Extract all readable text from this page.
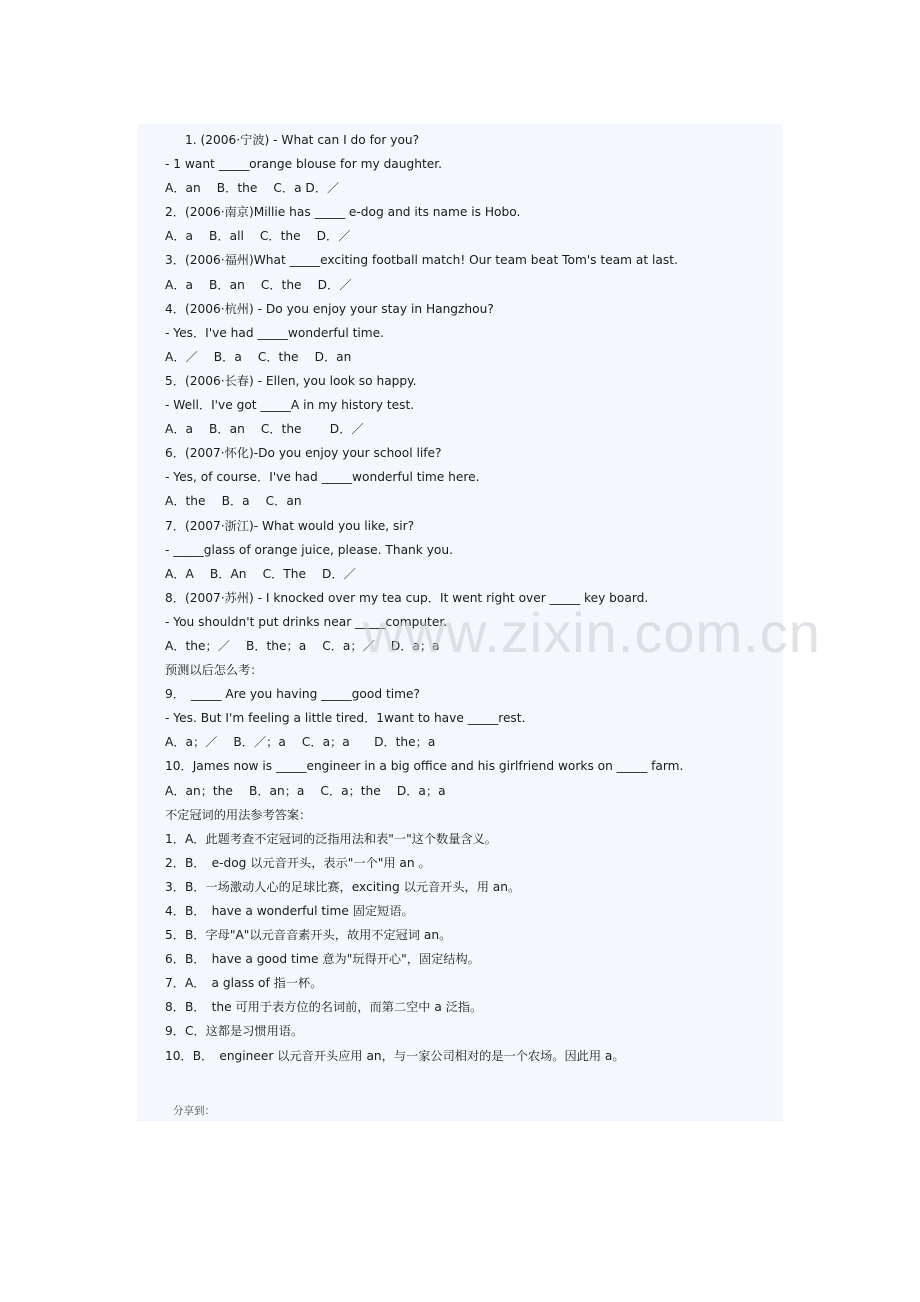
1. (2006·宁波) - What can I do for you?
- 1 want _____orange blouse for my daughter.
A．an　 B．the　 C．a D．／
2．(2006·南京)Millie has _____ e-dog and its name is Hobo.
A．a　 B．all　 C．the　 D．／
3．(2006·福州)What _____exciting football match! Our team beat Tom's team at last.
A．a　 B．an　 C．the　 D．／
4．(2006·杭州) - Do you enjoy your stay in Hangzhou?
- Yes．I've had _____wonderful time.
A．／　 B．a　 C．the　 D．an
5．(2006·长春) - Ellen, you look so happy.
- Well．I've got _____A in my history test.
A．a　 B．an　 C．the　　 D．／
6．(2007·怀化)-Do you enjoy your school life?
- Yes, of course．I've had _____wonderful time here.
A．the　 B．a　 C．an
7．(2007·浙江)- What would you like, sir?
- _____glass of orange juice, please. Thank you.
A．A　 B．An　 C．The　 D．／
8．(2007·苏州) - I knocked over my tea cup．It went right over _____ key board.
- You shouldn't put drinks near _____computer.
A．the；／　 B．the；a　 C．a；／　 D．a；a
预测以后怎么考：
9．　_____ Are you having _____good time?
- Yes. But I'm feeling a little tired．1want to have _____rest.
A．a；／　 B．／；a　 C．a；a　　D．the；a
10．James now is _____engineer in a big office and his girlfriend works on _____ farm.
A．an；the　 B．an；a　 C．a；the　 D．a；a
不定冠词的用法参考答案：
1．A．此题考查不定冠词的泛指用法和表"一"这个数量含义。
2．B．　e-dog 以元音开头，表示"一个"用 an 。
3．B．一场激动人心的足球比赛，exciting 以元音开头，用 an。
4．B．　have a wonderful time 固定短语。
5．B．字母"A"以元音音素开头，故用不定冠词 an。
6．B．　have a good time 意为"玩得开心"，固定结构。
7．A．　a glass of 指一杯。
8．B．　the 可用于表方位的名词前，而第二空中 a 泛指。
9．C．这都是习惯用语。
10．B．　engineer 以元音开头应用 an，与一家公司相对的是一个农场。因此用 a。
分享到：
www.zixin.com.cn
